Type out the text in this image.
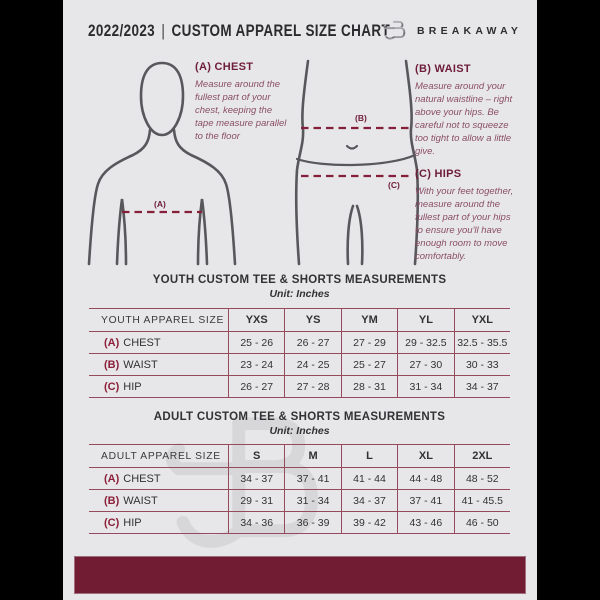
2022/2023 | CUSTOM APPAREL SIZE CHART	BREAKAWAY
(A)
(B)
(C)
(A) CHEST

Measure around the fullest part of your chest, keeping the tape measure parallel to the floor

(B) WAIST

Measure around your natural waistline – right above your hips. Be careful not to squeeze too tight to allow a little give.

(C) HIPS

With your feet together, measure around the fullest part of your hips to ensure you'll have enough room to move comfortably.

YOUTH CUSTOM TEE & SHORTS MEASUREMENTS
Unit: Inches
YOUTH APPAREL SIZE	YXS	YS	YM	YL	YXL
(A) CHEST	25 - 26	26 - 27	27 - 29	29 - 32.5	32.5 - 35.5
(B) WAIST	23 - 24	24 - 25	25 - 27	27 - 30	30 - 33
(C) HIP	26 - 27	27 - 28	28 - 31	31 - 34	34 - 37
ADULT CUSTOM TEE & SHORTS MEASUREMENTS
Unit: Inches
ADULT APPAREL SIZE	S	M	L	XL	2XL
(A) CHEST	34 - 37	37 - 41	41 - 44	44 - 48	48 - 52
(B) WAIST	29 - 31	31 - 34	34 - 37	37 - 41	41 - 45.5
(C) HIP	34 - 36	36 - 39	39 - 42	43 - 46	46 - 50
